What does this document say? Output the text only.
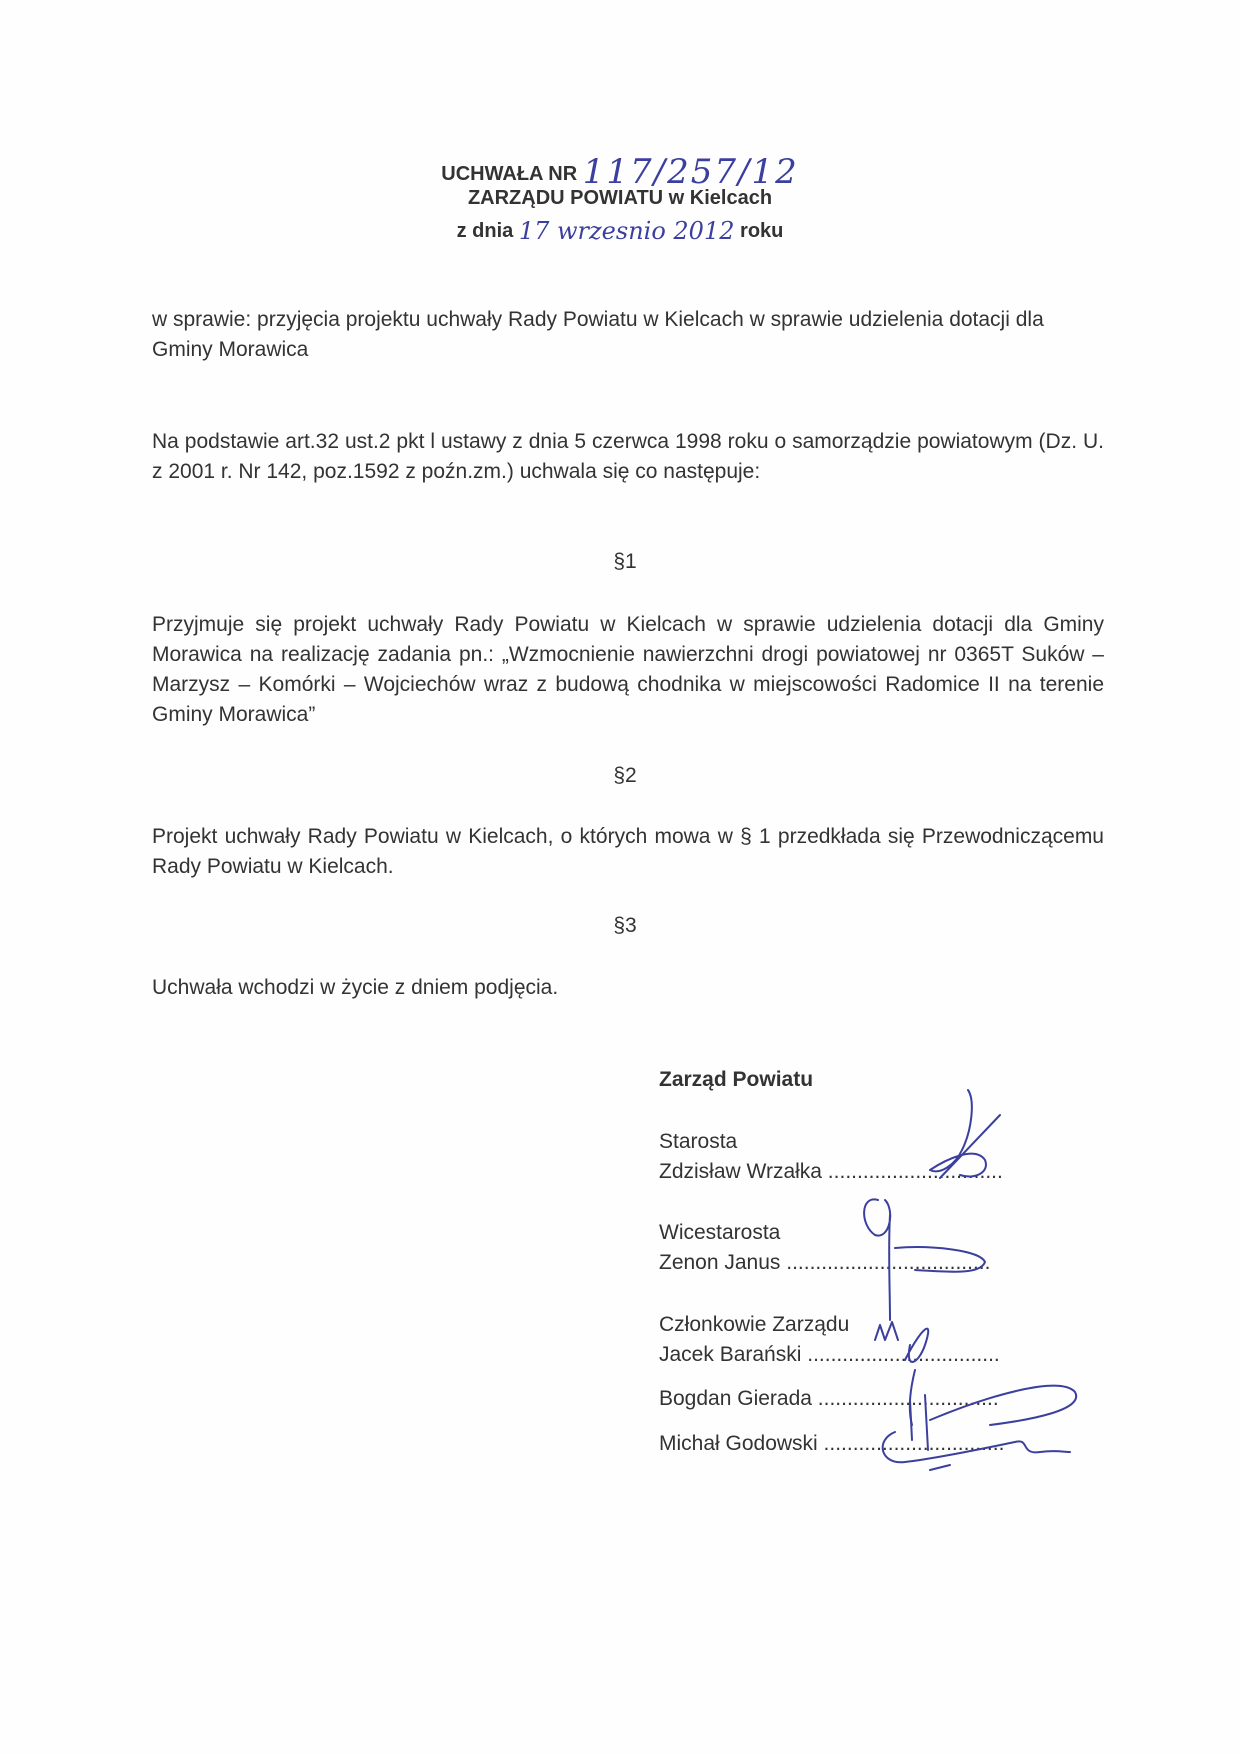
UCHWAŁA NR 117/257/12
ZARZĄDU POWIATU w Kielcach
z dnia 17 wrzesnio 2012 roku
w sprawie: przyjęcia projektu uchwały Rady Powiatu w Kielcach w sprawie udzielenia dotacji dla Gminy Morawica
Na podstawie art.32 ust.2 pkt l ustawy z dnia 5 czerwca 1998 roku o samorządzie powiatowym (Dz. U. z 2001 r. Nr 142, poz.1592 z poźn.zm.) uchwala się co następuje:
§1
Przyjmuje się projekt uchwały Rady Powiatu w Kielcach w sprawie udzielenia dotacji dla Gminy Morawica na realizację zadania pn.: „Wzmocnienie nawierzchni drogi powiatowej nr 0365T Suków – Marzysz – Komórki – Wojciechów wraz z budową chodnika w miejscowości Radomice II na terenie Gminy Morawica”
§2
Projekt uchwały Rady Powiatu w Kielcach, o których mowa w § 1 przedkłada się Przewodniczącemu Rady Powiatu w Kielcach.
§3
Uchwała wchodzi w życie z dniem podjęcia.
Zarząd Powiatu
Starosta
Zdzisław Wrzałka ..............................
Wicestarosta
Zenon Janus ...................................
Członkowie Zarządu
Jacek Barański .................................
Bogdan Gierada ...............................
Michał Godowski ...............................
